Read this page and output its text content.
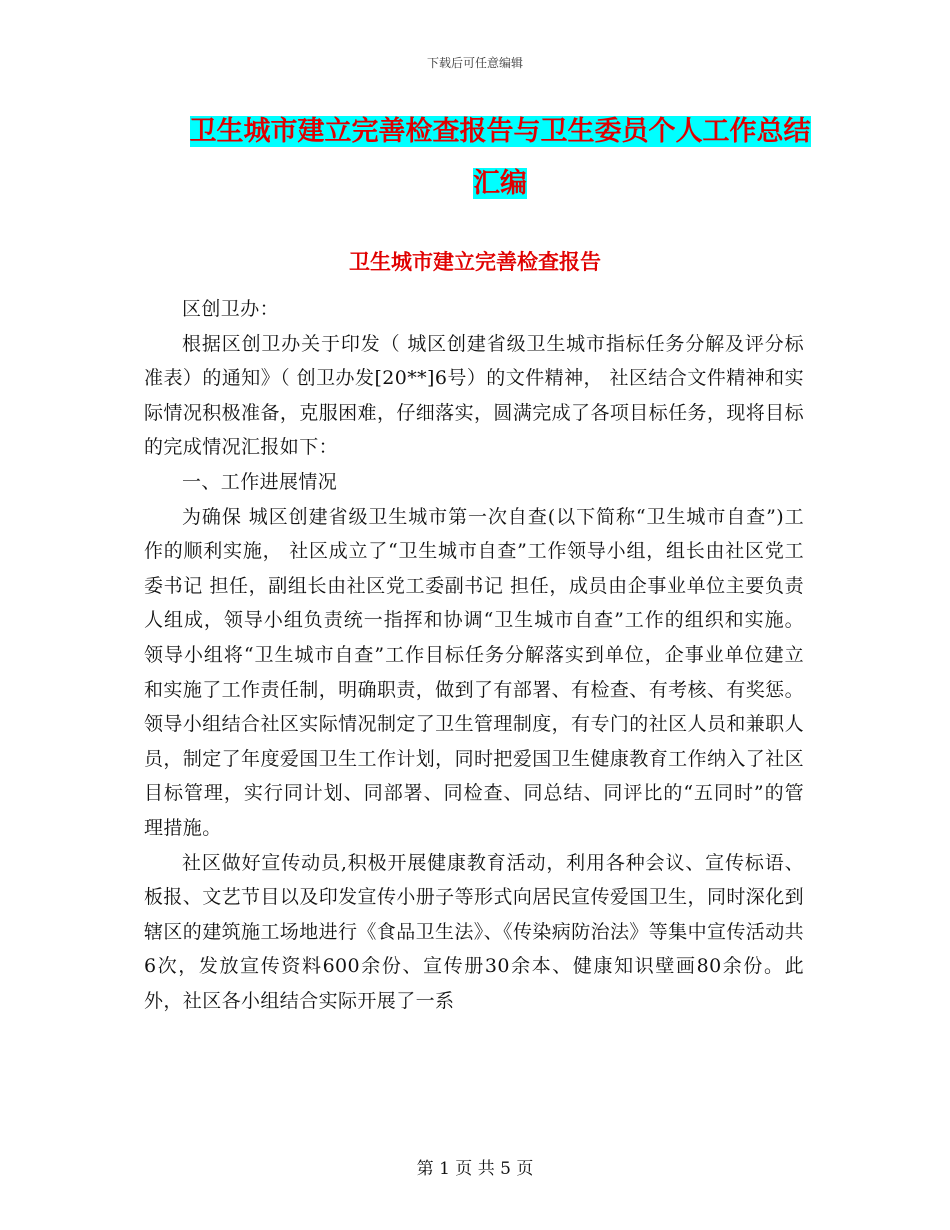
下载后可任意编辑
卫生城市建立完善检查报告与卫生委员个人工作总结
汇编
卫生城市建立完善检查报告

区创卫办：

根据区创卫办关于印发（ 城区创建省级卫生城市指标任务分解及评分标准表）的通知》（ 创卫办发[20**]6号）的文件精神， 社区结合文件精神和实际情况积极准备，克服困难，仔细落实，圆满完成了各项目标任务，现将目标的完成情况汇报如下：

一、工作进展情况

为确保 城区创建省级卫生城市第一次自查(以下简称“卫生城市自查”)工作的顺利实施， 社区成立了“卫生城市自查”工作领导小组，组长由社区党工委书记 担任，副组长由社区党工委副书记 担任，成员由企事业单位主要负责人组成，领导小组负责统一指挥和协调“卫生城市自查”工作的组织和实施。领导小组将“卫生城市自查”工作目标任务分解落实到单位，企事业单位建立和实施了工作责任制，明确职责，做到了有部署、有检查、有考核、有奖惩。领导小组结合社区实际情况制定了卫生管理制度，有专门的社区人员和兼职人员，制定了年度爱国卫生工作计划，同时把爱国卫生健康教育工作纳入了社区目标管理，实行同计划、同部署、同检查、同总结、同评比的“五同时”的管理措施。

社区做好宣传动员,积极开展健康教育活动，利用各种会议、宣传标语、板报、文艺节目以及印发宣传小册子等形式向居民宣传爱国卫生，同时深化到辖区的建筑施工场地进行《食品卫生法》、《传染病防治法》等集中宣传活动共6次，发放宣传资料600余份、宣传册30余本、健康知识壁画80余份。此外，社区各小组结合实际开展了一系

第 1 页 共 5 页
